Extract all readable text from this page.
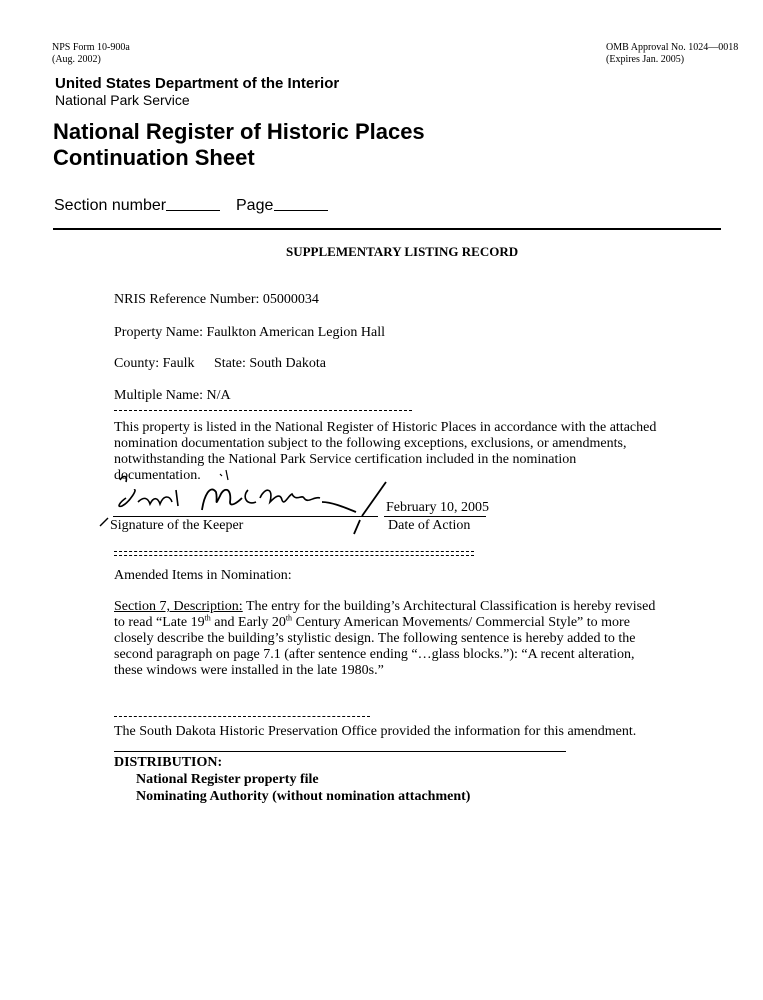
NPS Form 10-900a
(Aug. 2002)
OMB Approval No. 1024—0018
(Expires Jan. 2005)
United States Department of the Interior
National Park Service
National Register of Historic Places
Continuation Sheet
Section number	Page
SUPPLEMENTARY LISTING RECORD
NRIS Reference Number: 05000034
Property Name: Faulkton American Legion Hall
County: Faulk State: South Dakota
Multiple Name: N/A
This property is listed in the National Register of Historic Places in accordance with the attached
nomination documentation subject to the following exceptions, exclusions, or amendments,
notwithstanding the National Park Service certification included in the nomination
documentation.
Linda McClelland
Signature of the Keeper
February 10, 2005
Date of Action
Amended Items in Nomination:
Section 7, Description: The entry for the building’s Architectural Classification is hereby revised
to read “Late 19th and Early 20th Century American Movements/ Commercial Style” to more
closely describe the building’s stylistic design. The following sentence is hereby added to the
second paragraph on page 7.1 (after sentence ending “…glass blocks.”): “A recent alteration,
these windows were installed in the late 1980s.”
The South Dakota Historic Preservation Office provided the information for this amendment.
DISTRIBUTION:
National Register property file
Nominating Authority (without nomination attachment)
